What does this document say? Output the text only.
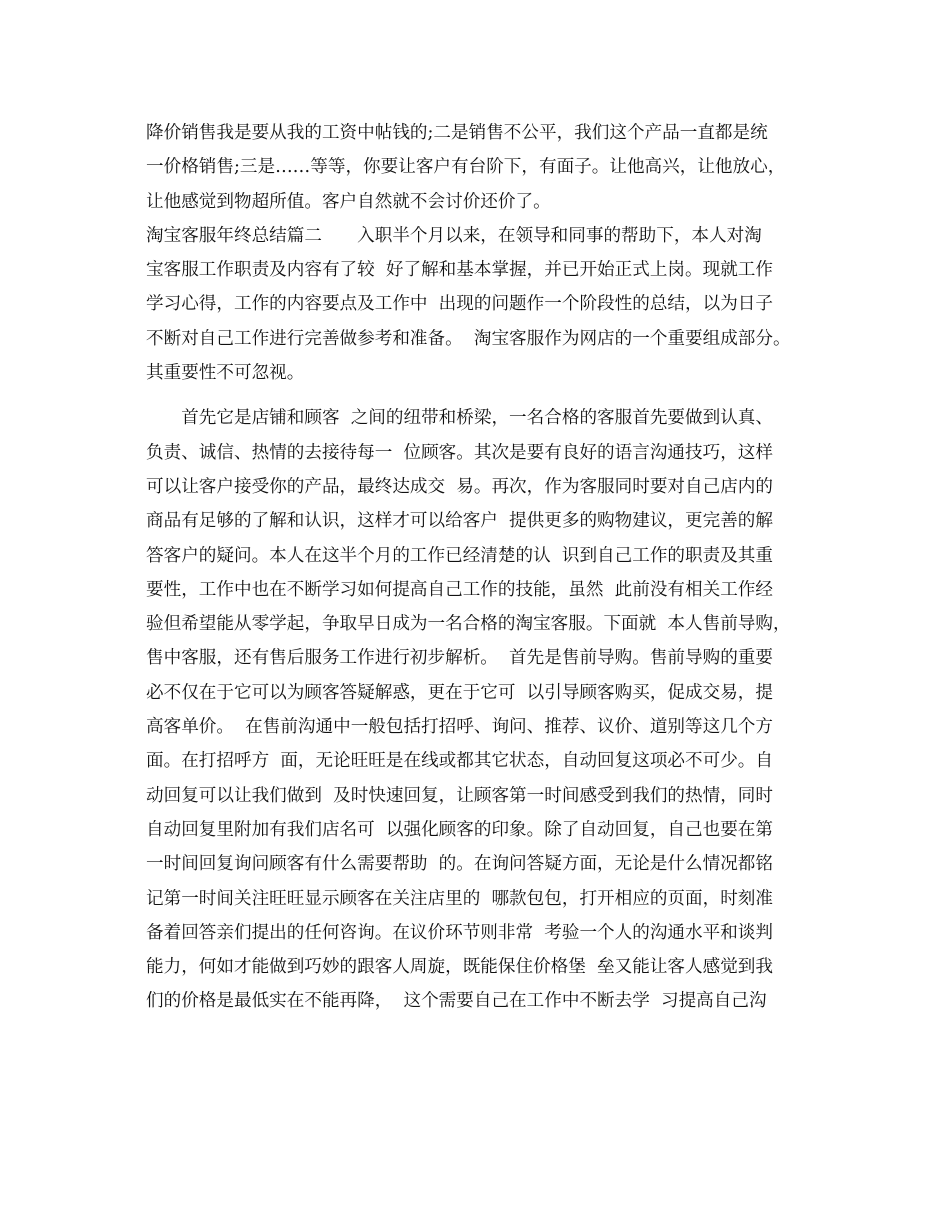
降价销售我是要从我的工资中帖钱的;二是销售不公平，我们这个产品一直都是统
一价格销售;三是……等等，你要让客户有台阶下，有面子。让他高兴，让他放心，
让他感觉到物超所值。客户自然就不会讨价还价了。
淘宝客服年终总结篇二　　入职半个月以来，在领导和同事的帮助下，本人对淘
宝客服工作职责及内容有了较  好了解和基本掌握，并已开始正式上岗。现就工作
学习心得，工作的内容要点及工作中  出现的问题作一个阶段性的总结，以为日子
不断对自己工作进行完善做参考和准备。  淘宝客服作为网店的一个重要组成部分。
其重要性不可忽视。
　　首先它是店铺和顾客  之间的纽带和桥梁，一名合格的客服首先要做到认真、
负责、诚信、热情的去接待每一  位顾客。其次是要有良好的语言沟通技巧，这样
可以让客户接受你的产品，最终达成交  易。再次，作为客服同时要对自己店内的
商品有足够的了解和认识，这样才可以给客户  提供更多的购物建议，更完善的解
答客户的疑问。本人在这半个月的工作已经清楚的认  识到自己工作的职责及其重
要性，工作中也在不断学习如何提高自己工作的技能，虽然  此前没有相关工作经
验但希望能从零学起，争取早日成为一名合格的淘宝客服。下面就  本人售前导购，
售中客服，还有售后服务工作进行初步解析。  首先是售前导购。售前导购的重要
必不仅在于它可以为顾客答疑解惑，更在于它可  以引导顾客购买，促成交易，提
高客单价。  在售前沟通中一般包括打招呼、询问、推荐、议价、道别等这几个方
面。在打招呼方  面，无论旺旺是在线或都其它状态，自动回复这项必不可少。自
动回复可以让我们做到  及时快速回复，让顾客第一时间感受到我们的热情，同时
自动回复里附加有我们店名可  以强化顾客的印象。除了自动回复，自己也要在第
一时间回复询问顾客有什么需要帮助  的。在询问答疑方面，无论是什么情况都铭
记第一时间关注旺旺显示顾客在关注店里的  哪款包包，打开相应的页面，时刻准
备着回答亲们提出的任何咨询。在议价环节则非常  考验一个人的沟通水平和谈判
能力，何如才能做到巧妙的跟客人周旋，既能保住价格堡  垒又能让客人感觉到我
们的价格是最低实在不能再降，  这个需要自己在工作中不断去学  习提高自己沟
